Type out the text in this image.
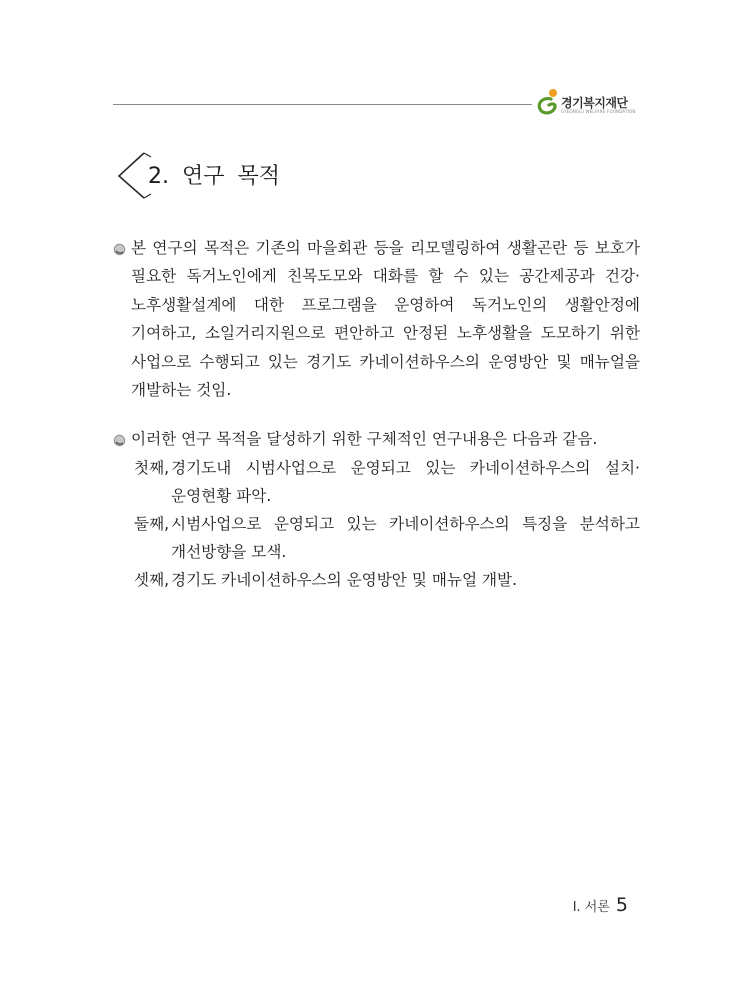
경기복지재단
GYEONGGI WELFARE FOUNDATION
2. 연구 목적

본 연구의 목적은 기존의 마을회관 등을 리모델링하여 생활곤란 등 보호가 필요한 독거노인에게 친목도모와 대화를 할 수 있는 공간제공과 건강·노후생활설계에 대한 프로그램을 운영하여 독거노인의 생활안정에 기여하고, 소일거리지원으로 편안하고 안정된 노후생활을 도모하기 위한 사업으로 수행되고 있는 경기도 카네이션하우스의 운영방안 및 매뉴얼을 개발하는 것임.

이러한 연구 목적을 달성하기 위한 구체적인 연구내용은 다음과 같음.

첫째, 경기도내 시범사업으로 운영되고 있는 카네이션하우스의 설치·운영현황 파악.
둘째, 시범사업으로 운영되고 있는 카네이션하우스의 특징을 분석하고 개선방향을 모색.
셋째, 경기도 카네이션하우스의 운영방안 및 매뉴얼 개발.
Ⅰ. 서론 5
